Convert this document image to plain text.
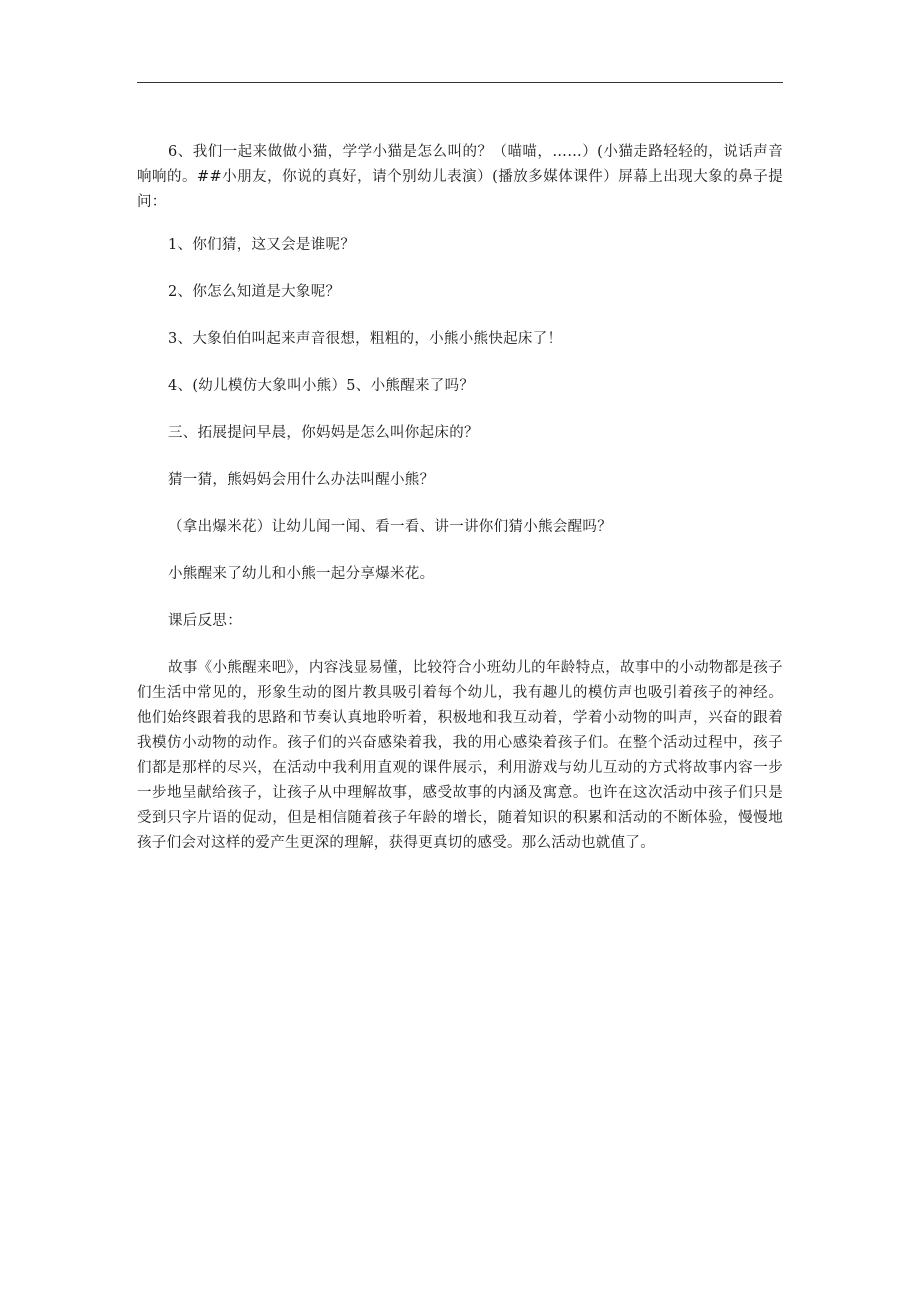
6、我们一起来做做小猫，学学小猫是怎么叫的？（喵喵，……）(小猫走路轻轻的，说话声音响响的。##小朋友，你说的真好，请个别幼儿表演）(播放多媒体课件）屏幕上出现大象的鼻子提问：

1、你们猜，这又会是谁呢？

2、你怎么知道是大象呢？

3、大象伯伯叫起来声音很想，粗粗的，小熊小熊快起床了！

4、(幼儿模仿大象叫小熊）5、小熊醒来了吗？

三、拓展提问早晨，你妈妈是怎么叫你起床的？

猜一猜，熊妈妈会用什么办法叫醒小熊？

（拿出爆米花）让幼儿闻一闻、看一看、讲一讲你们猜小熊会醒吗？

小熊醒来了幼儿和小熊一起分享爆米花。

课后反思：

故事《小熊醒来吧》，内容浅显易懂，比较符合小班幼儿的年龄特点，故事中的小动物都是孩子们生活中常见的，形象生动的图片教具吸引着每个幼儿，我有趣儿的模仿声也吸引着孩子的神经。他们始终跟着我的思路和节奏认真地聆听着，积极地和我互动着，学着小动物的叫声，兴奋的跟着我模仿小动物的动作。孩子们的兴奋感染着我，我的用心感染着孩子们。在整个活动过程中，孩子们都是那样的尽兴，在活动中我利用直观的课件展示，利用游戏与幼儿互动的方式将故事内容一步一步地呈献给孩子，让孩子从中理解故事，感受故事的内涵及寓意。也许在这次活动中孩子们只是受到只字片语的促动，但是相信随着孩子年龄的增长，随着知识的积累和活动的不断体验，慢慢地孩子们会对这样的爱产生更深的理解，获得更真切的感受。那么活动也就值了。
